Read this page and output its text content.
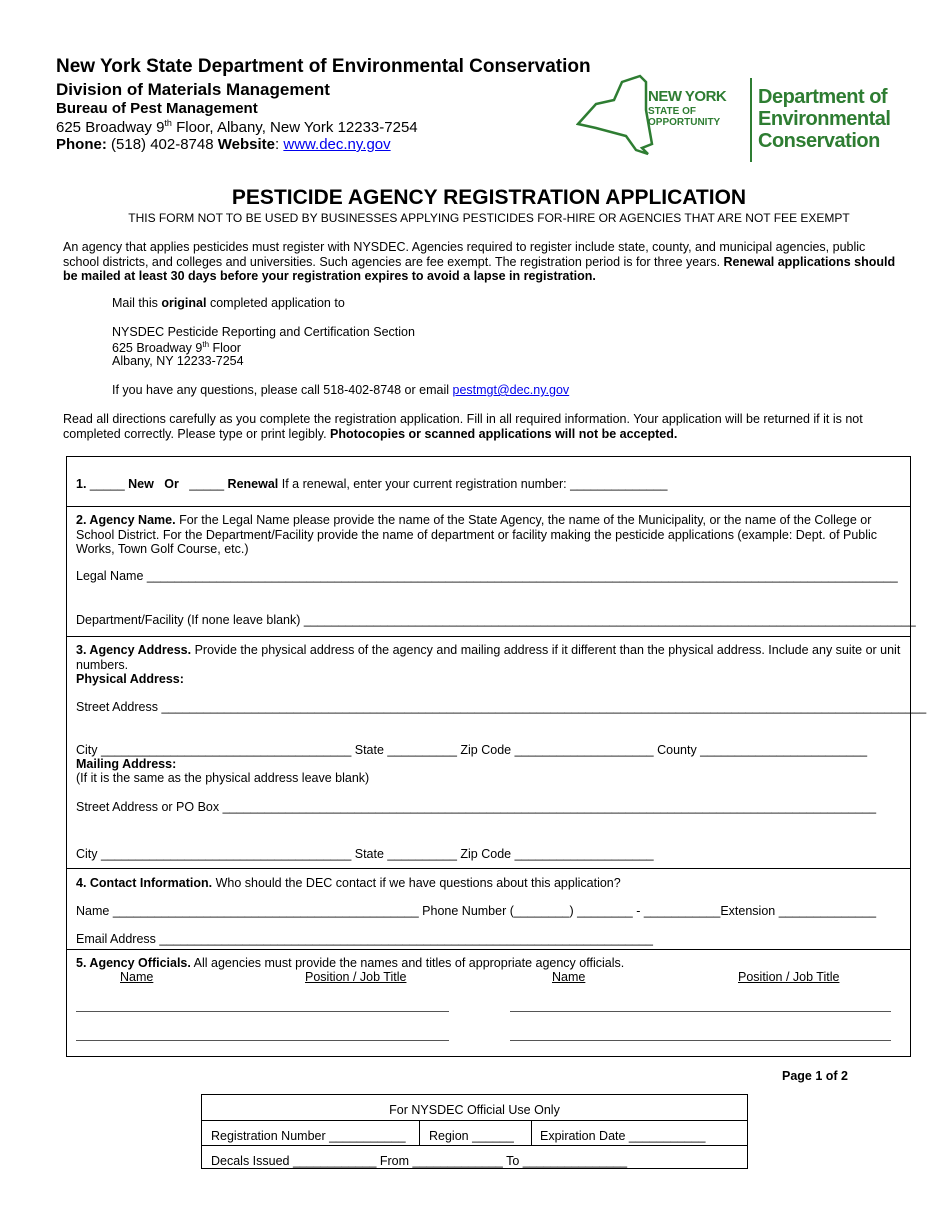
New York State Department of Environmental Conservation
Division of Materials Management
Bureau of Pest Management
625 Broadway 9th Floor, Albany, New York 12233-7254
Phone: (518) 402-8748 Website: www.dec.ny.gov
NEW YORK
STATE OF
OPPORTUNITY
Department of
Environmental
Conservation
PESTICIDE AGENCY REGISTRATION APPLICATION
THIS FORM NOT TO BE USED BY BUSINESSES APPLYING PESTICIDES FOR-HIRE OR AGENCIES THAT ARE NOT FEE EXEMPT
An agency that applies pesticides must register with NYSDEC. Agencies required to register include state, county, and municipal agencies, public school districts, and colleges and universities. Such agencies are fee exempt. The registration period is for three years. Renewal applications should be mailed at least 30 days before your registration expires to avoid a lapse in registration.
Mail this original completed application to
NYSDEC Pesticide Reporting and Certification Section
625 Broadway 9th Floor
Albany, NY 12233-7254
If you have any questions, please call 518-402-8748 or email pestmgt@dec.ny.gov
Read all directions carefully as you complete the registration application. Fill in all required information. Your application will be returned if it is not completed correctly. Please type or print legibly. Photocopies or scanned applications will not be accepted.
1. _____ New Or   _____ Renewal If a renewal, enter your current registration number: ______________
2. Agency Name. For the Legal Name please provide the name of the State Agency, the name of the Municipality, or the name of the College or School District. For the Department/Facility provide the name of department or facility making the pesticide applications (example: Dept. of Public Works, Town Golf Course, etc.)
Legal Name ____________________________________________________________________________________________________________
Department/Facility (If none leave blank) ________________________________________________________________________________________
3. Agency Address. Provide the physical address of the agency and mailing address if it different than the physical address. Include any suite or unit numbers.
Physical Address:
Street Address ______________________________________________________________________________________________________________
City ____________________________________ State __________ Zip Code ____________________ County ________________________
Mailing Address:
(If it is the same as the physical address leave blank)
Street Address or PO Box ______________________________________________________________________________________________
City ____________________________________ State __________ Zip Code ____________________
4. Contact Information. Who should the DEC contact if we have questions about this application?
Name ____________________________________________ Phone Number (________) ________ - ___________Extension ______________
Email Address _______________________________________________________________________
5. Agency Officials. All agencies must provide the names and titles of appropriate agency officials.
Name	Position / Job Title	Name	Position / Job Title
Page 1 of 2
For NYSDEC Official Use Only
Registration Number ___________ Region ______ Expiration Date ___________
Decals Issued ____________ From _____________ To _______________
